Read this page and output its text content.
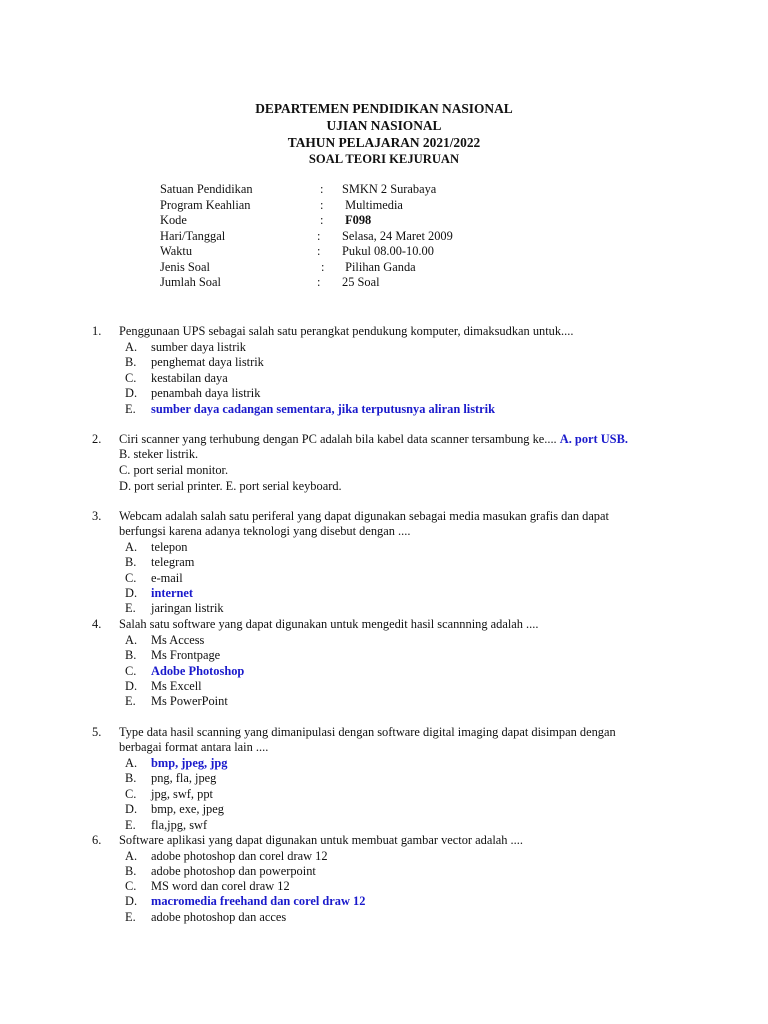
DEPARTEMEN PENDIDIKAN NASIONAL
UJIAN NASIONAL
TAHUN PELAJARAN 2021/2022
SOAL TEORI KEJURUAN
Satuan Pendidikan	: SMKN 2 Surabaya
Program Keahlian	: Multimedia
Kode	: F098
Hari/Tanggal	: Selasa, 24 Maret 2009
Waktu	: Pukul 08.00-10.00
Jenis Soal	: Pilihan Ganda
Jumlah Soal	: 25 Soal
1. Penggunaan UPS sebagai salah satu perangkat pendukung komputer, dimaksudkan untuk....
A. sumber daya listrik
B. penghemat daya listrik
C. kestabilan daya
D. penambah daya listrik
E. sumber daya cadangan sementara, jika terputusnya aliran listrik
2. Ciri scanner yang terhubung dengan PC adalah bila kabel data scanner tersambung ke.... A. port USB.
B. steker listrik.
C. port serial monitor.
D. port serial printer. E. port serial keyboard.
3. Webcam adalah salah satu periferal yang dapat digunakan sebagai media masukan grafis dan dapat
berfungsi karena adanya teknologi yang disebut dengan ....
A. telepon
B. telegram
C. e-mail
D. internet
E. jaringan listrik
4. Salah satu software yang dapat digunakan untuk mengedit hasil scannning adalah ....
A. Ms Access
B. Ms Frontpage
C. Adobe Photoshop
D. Ms Excell
E. Ms PowerPoint
5. Type data hasil scanning yang dimanipulasi dengan software digital imaging dapat disimpan dengan
berbagai format antara lain ....
A. bmp, jpeg, jpg
B. png, fla, jpeg
C. jpg, swf, ppt
D. bmp, exe, jpeg
E. fla,jpg, swf
6. Software aplikasi yang dapat digunakan untuk membuat gambar vector adalah ....
A. adobe photoshop dan corel draw 12
B. adobe photoshop dan powerpoint
C. MS word dan corel draw 12
D. macromedia freehand dan corel draw 12
E. adobe photoshop dan acces
